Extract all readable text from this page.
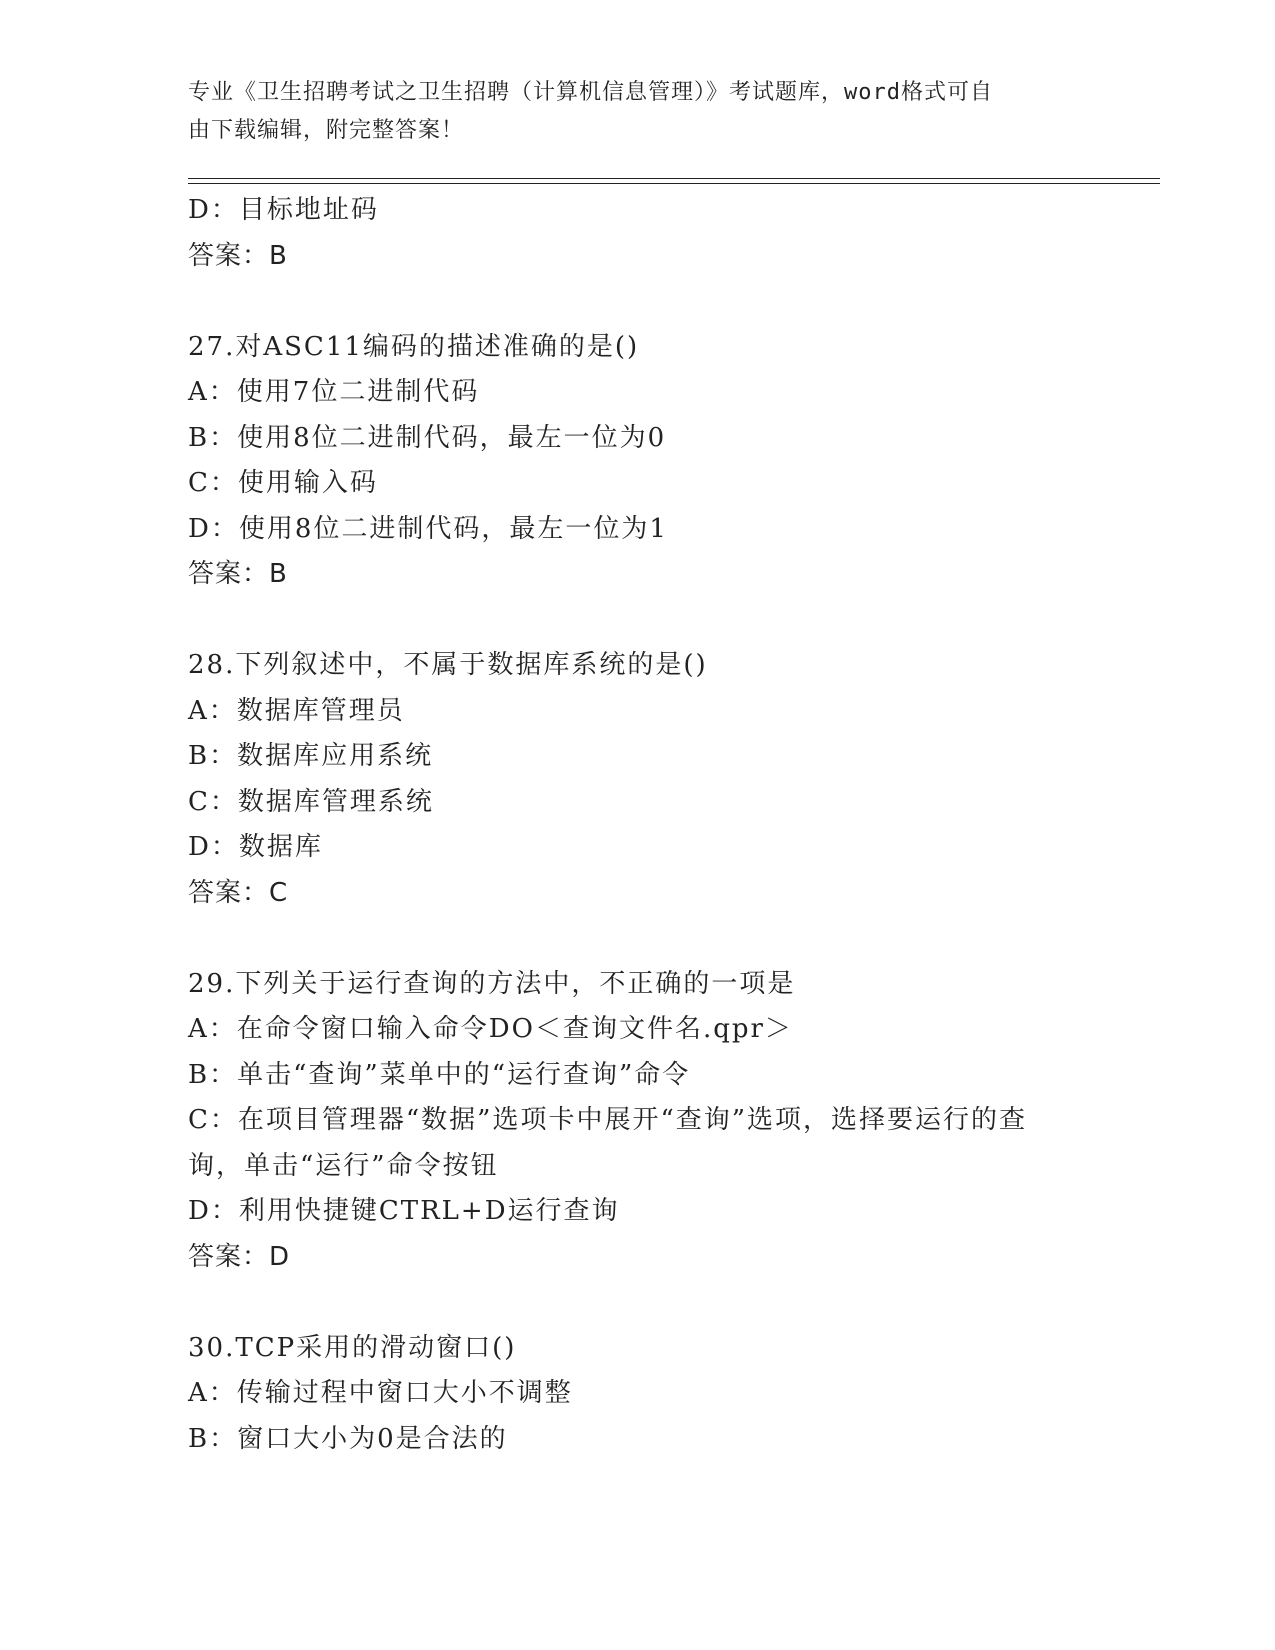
专业《卫生招聘考试之卫生招聘（计算机信息管理）》考试题库，word格式可自
由下载编辑，附完整答案！
D：目标地址码
答案：B
27.对ASC11编码的描述准确的是()
A：使用7位二进制代码
B：使用8位二进制代码，最左一位为0
C：使用输入码
D：使用8位二进制代码，最左一位为1
答案：B
28.下列叙述中，不属于数据库系统的是()
A：数据库管理员
B：数据库应用系统
C：数据库管理系统
D：数据库
答案：C
29.下列关于运行查询的方法中，不正确的一项是
A：在命令窗口输入命令DO＜查询文件名.qpr＞
B：单击“查询”菜单中的“运行查询”命令
C：在项目管理器“数据”选项卡中展开“查询”选项，选择要运行的查询，单击“运行”命令按钮
D：利用快捷键CTRL+D运行查询
答案：D
30.TCP采用的滑动窗口()
A：传输过程中窗口大小不调整
B：窗口大小为0是合法的
